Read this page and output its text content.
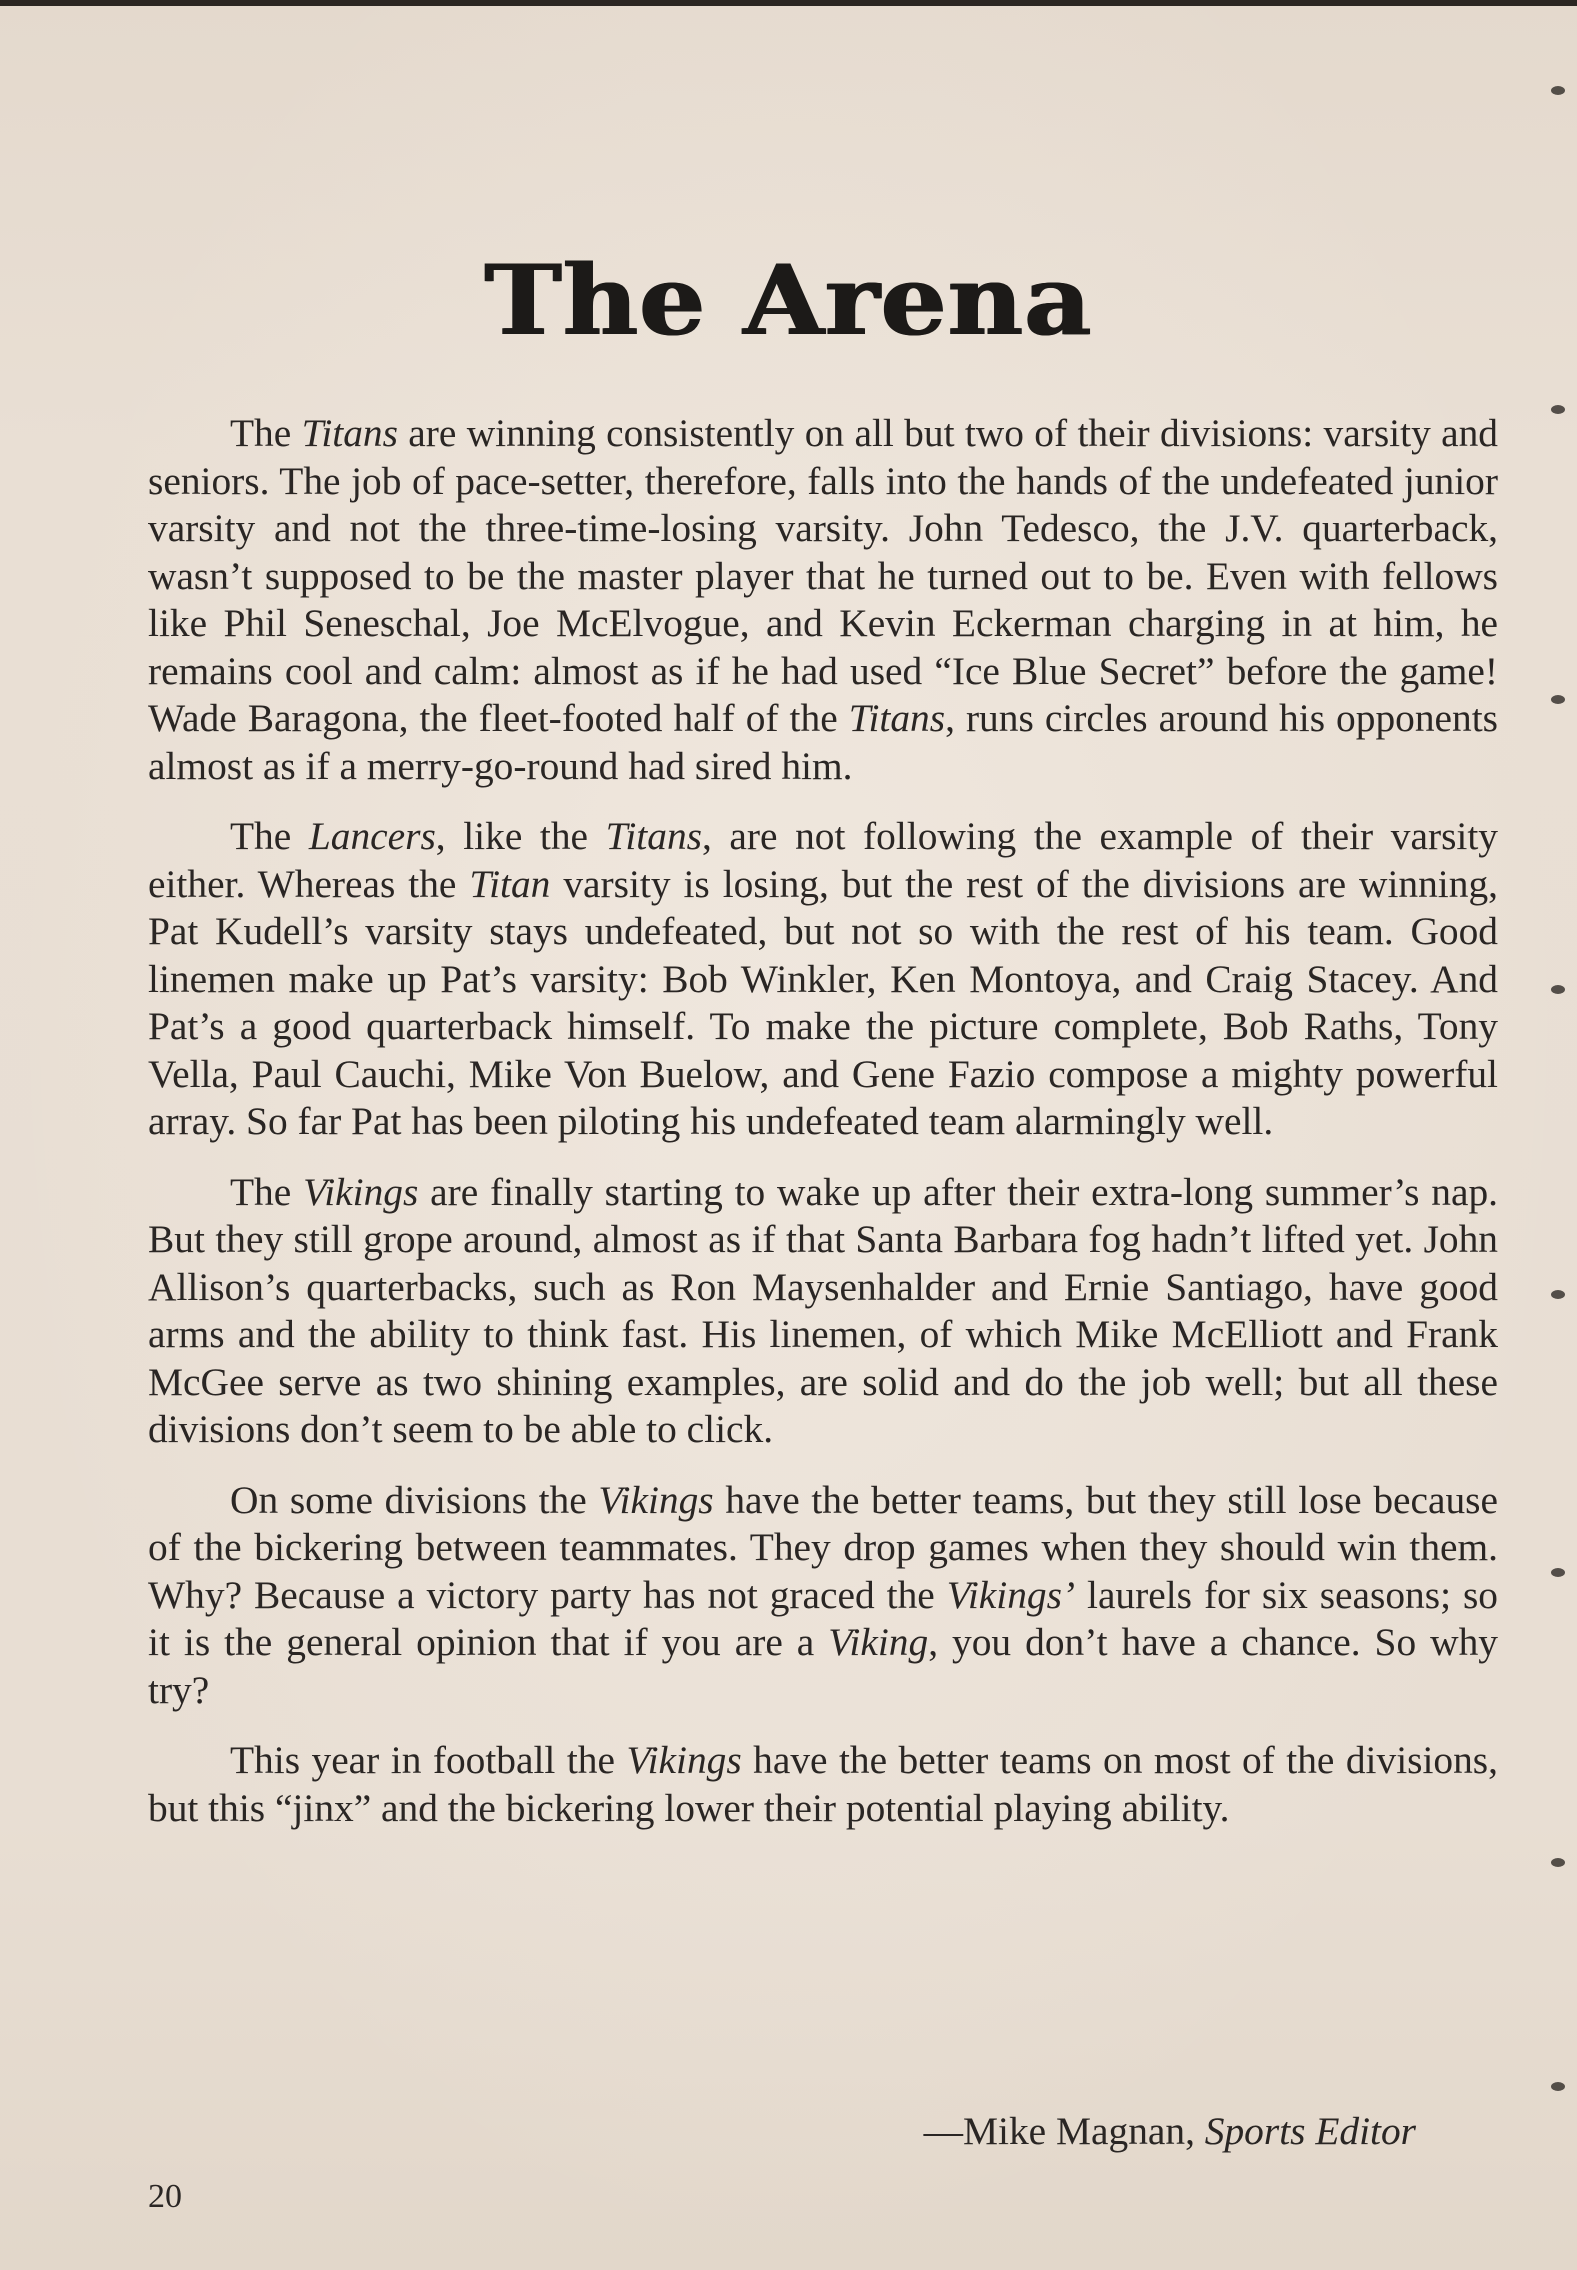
The Arena

The Titans are winning consistently on all but two of their divisions: varsity and seniors. The job of pace-setter, therefore, falls into the hands of the undefeated junior varsity and not the three-time-losing varsity. John Tedesco, the J.V. quarterback, wasn’t supposed to be the master player that he turned out to be. Even with fellows like Phil Seneschal, Joe McElvogue, and Kevin Eckerman charging in at him, he remains cool and calm: almost as if he had used “Ice Blue Secret” before the game! Wade Baragona, the fleet-footed half of the Titans, runs circles around his opponents almost as if a merry-go-round had sired him.

The Lancers, like the Titans, are not following the example of their varsity either. Whereas the Titan varsity is losing, but the rest of the divisions are winning, Pat Kudell’s varsity stays undefeated, but not so with the rest of his team. Good linemen make up Pat’s varsity: Bob Winkler, Ken Montoya, and Craig Stacey. And Pat’s a good quarterback himself. To make the picture complete, Bob Raths, Tony Vella, Paul Cauchi, Mike Von Buelow, and Gene Fazio compose a mighty powerful array. So far Pat has been piloting his undefeated team alarmingly well.

The Vikings are finally starting to wake up after their extra-long summer’s nap. But they still grope around, almost as if that Santa Barbara fog hadn’t lifted yet. John Allison’s quarterbacks, such as Ron Maysenhalder and Ernie Santiago, have good arms and the ability to think fast. His linemen, of which Mike McElliott and Frank McGee serve as two shining examples, are solid and do the job well; but all these divisions don’t seem to be able to click.

On some divisions the Vikings have the better teams, but they still lose because of the bickering between teammates. They drop games when they should win them. Why? Because a victory party has not graced the Vikings’ laurels for six seasons; so it is the general opinion that if you are a Viking, you don’t have a chance. So why try?

This year in football the Vikings have the better teams on most of the divisions, but this “jinx” and the bickering lower their potential playing ability.

—Mike Magnan, Sports Editor

20
